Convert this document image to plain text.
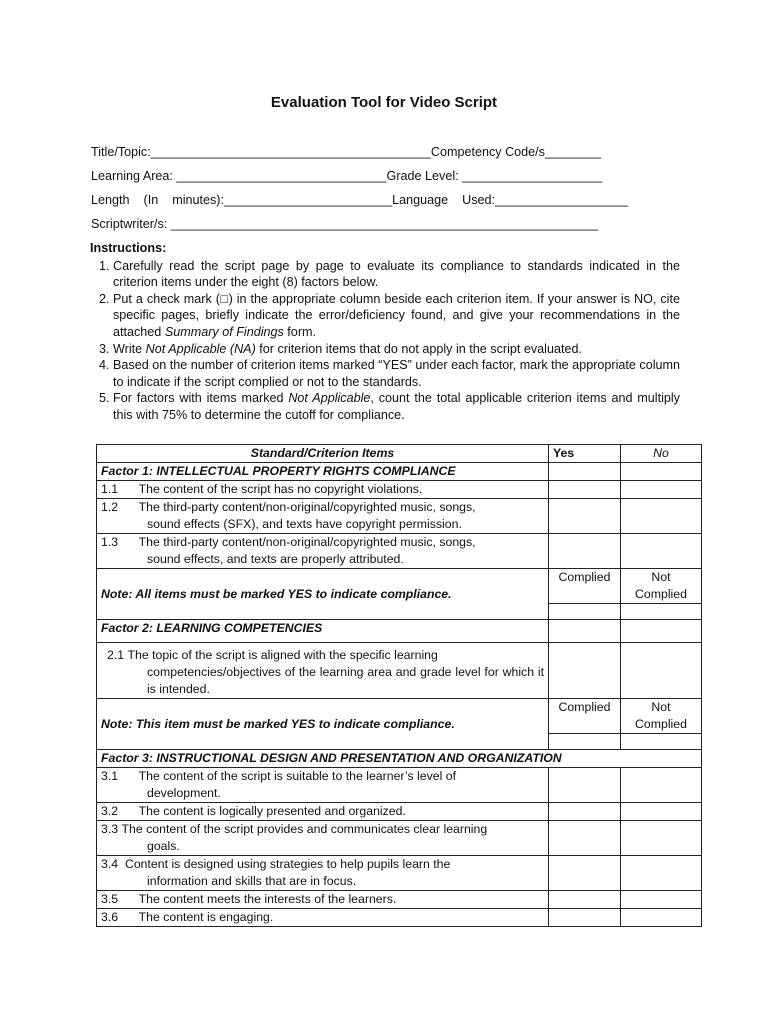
Evaluation Tool for Video Script
Title/Topic:________________________________________Competency Code/s________
Learning Area: ______________________________Grade Level: ____________________
Length    (In    minutes):________________________Language    Used:___________________
Scriptwriter/s: _____________________________________________________________
Instructions:
1. Carefully read the script page by page to evaluate its compliance to standards indicated in the criterion items under the eight (8) factors below.
2. Put a check mark (□) in the appropriate column beside each criterion item. If your answer is NO, cite specific pages, briefly indicate the error/deficiency found, and give your recommendations in the attached Summary of Findings form.
3. Write Not Applicable (NA) for criterion items that do not apply in the script evaluated.
4. Based on the number of criterion items marked “YES” under each factor, mark the appropriate column to indicate if the script complied or not to the standards.
5. For factors with items marked Not Applicable, count the total applicable criterion items and multiply this with 75% to determine the cutoff for compliance.
Standard/Criterion Items	Yes	No
Factor 1: INTELLECTUAL PROPERTY RIGHTS COMPLIANCE		
1.1 The content of the script has no copyright violations.		
1.2 The third-party content/non-original/copyrighted music, songs,
sound effects (SFX), and texts have copyright permission.		

1.3 The third-party content/non-original/copyrighted music, songs,
sound effects, and texts are properly attributed.		

Note: All items must be marked YES to indicate compliance.	Complied	Not Complied

Factor 2: LEARNING COMPETENCIES		
2.1 The topic of the script is aligned with the specific learning
competencies/objectives of the learning area and grade level for which it is intended.		

Note: This item must be marked YES to indicate compliance.	Complied	Not Complied

Factor 3: INSTRUCTIONAL DESIGN AND PRESENTATION AND ORGANIZATION		
3.1 The content of the script is suitable to the learner’s level of
development.		

3.2 The content is logically presented and organized.		
3.3 The content of the script provides and communicates clear learning
goals.		

3.4 Content is designed using strategies to help pupils learn the
information and skills that are in focus.		

3.5 The content meets the interests of the learners.		
3.6 The content is engaging.		
